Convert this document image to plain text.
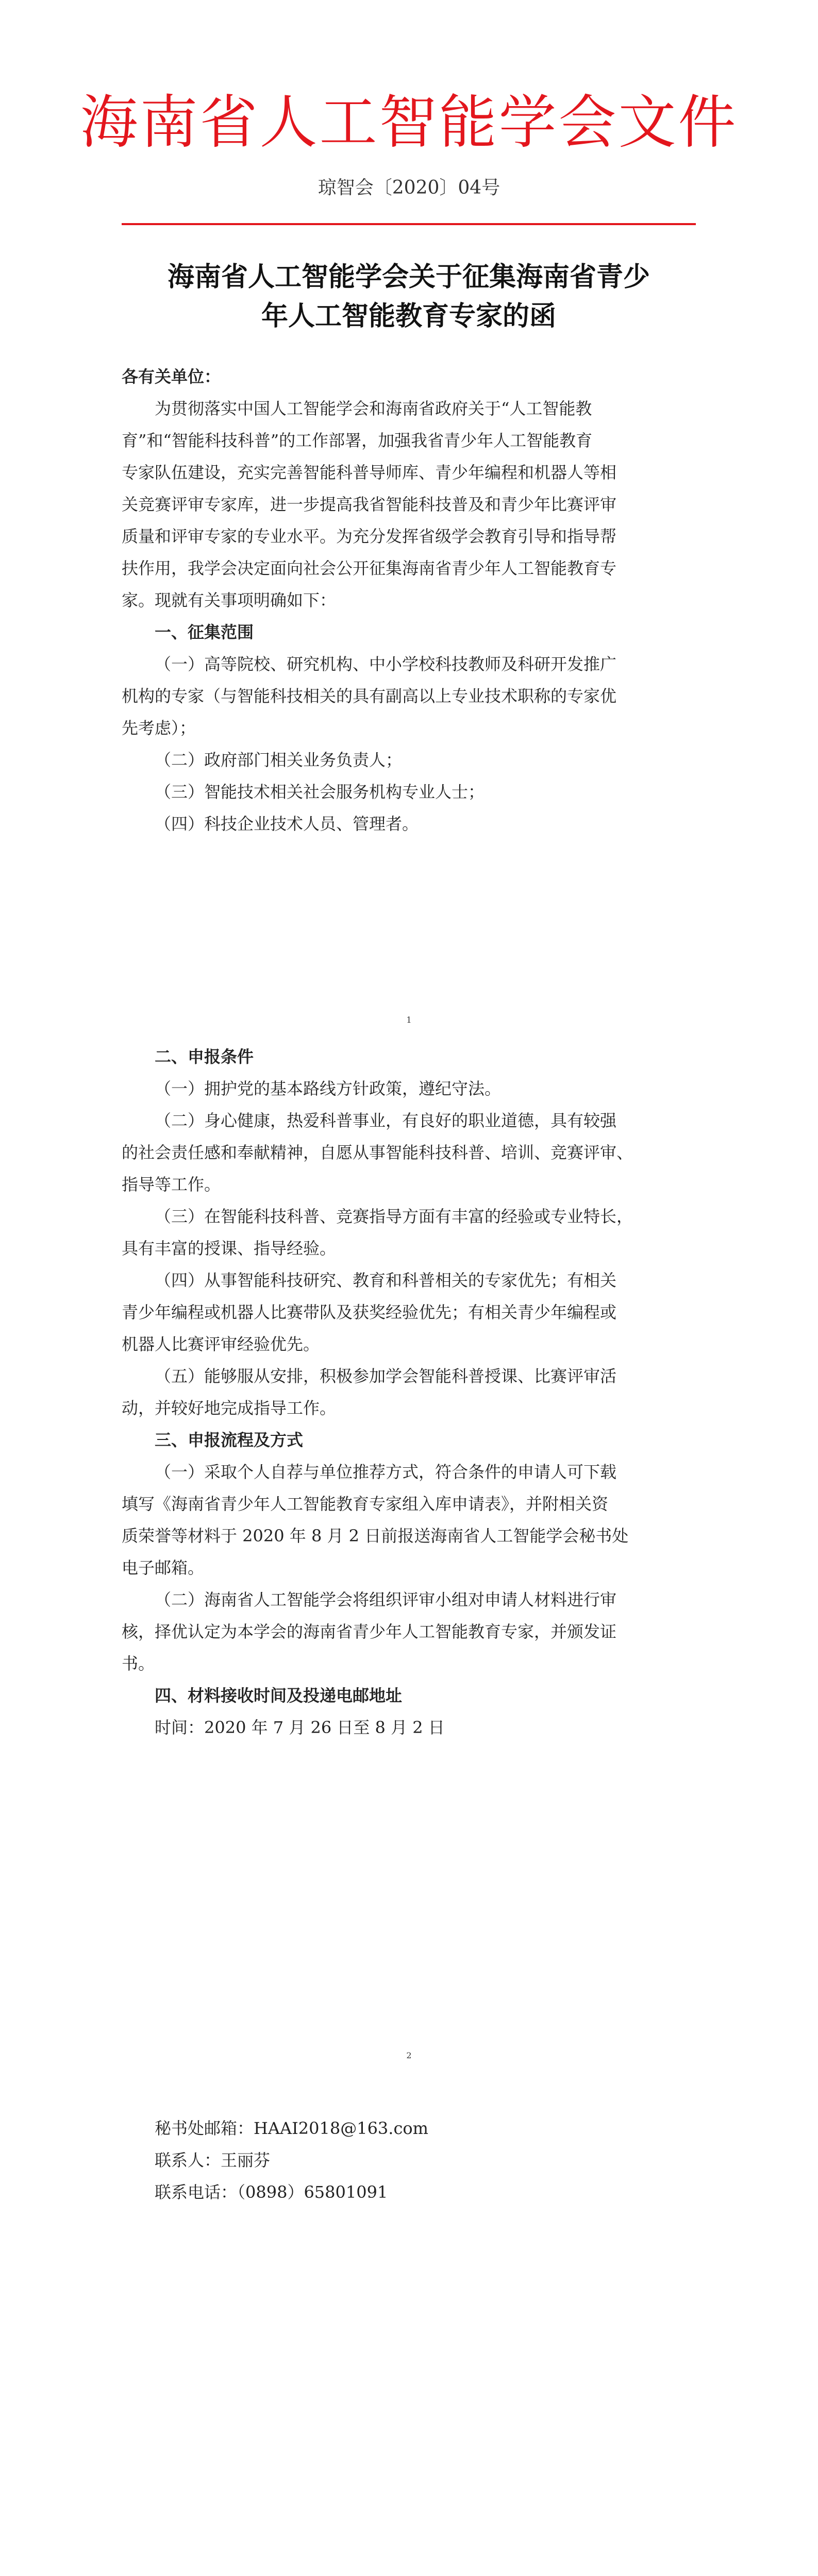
海南省人工智能学会文件
琼智会〔2020〕04号
海南省人工智能学会关于征集海南省青少
年人工智能教育专家的函
各有关单位：
为贯彻落实中国人工智能学会和海南省政府关于“人工智能教
育”和“智能科技科普”的工作部署，加强我省青少年人工智能教育
专家队伍建设，充实完善智能科普导师库、青少年编程和机器人等相
关竞赛评审专家库，进一步提高我省智能科技普及和青少年比赛评审
质量和评审专家的专业水平。为充分发挥省级学会教育引导和指导帮
扶作用，我学会决定面向社会公开征集海南省青少年人工智能教育专
家。现就有关事项明确如下：
一、征集范围
（一）高等院校、研究机构、中小学校科技教师及科研开发推广
机构的专家（与智能科技相关的具有副高以上专业技术职称的专家优
先考虑）；
（二）政府部门相关业务负责人；
（三）智能技术相关社会服务机构专业人士；
（四）科技企业技术人员、管理者。
1
二、申报条件
（一）拥护党的基本路线方针政策，遵纪守法。
（二）身心健康，热爱科普事业，有良好的职业道德，具有较强
的社会责任感和奉献精神，自愿从事智能科技科普、培训、竞赛评审、
指导等工作。
（三）在智能科技科普、竞赛指导方面有丰富的经验或专业特长，
具有丰富的授课、指导经验。
（四）从事智能科技研究、教育和科普相关的专家优先；有相关
青少年编程或机器人比赛带队及获奖经验优先；有相关青少年编程或
机器人比赛评审经验优先。
（五）能够服从安排，积极参加学会智能科普授课、比赛评审活
动，并较好地完成指导工作。
三、申报流程及方式
（一）采取个人自荐与单位推荐方式，符合条件的申请人可下载
填写《海南省青少年人工智能教育专家组入库申请表》，并附相关资
质荣誉等材料于 2020 年 8 月 2 日前报送海南省人工智能学会秘书处
电子邮箱。
（二）海南省人工智能学会将组织评审小组对申请人材料进行审
核，择优认定为本学会的海南省青少年人工智能教育专家，并颁发证
书。
四、材料接收时间及投递电邮地址
时间：2020 年 7 月 26 日至 8 月 2 日
2
秘书处邮箱：HAAI2018@163.com
联系人：王丽芬
联系电话：（0898）65801091
